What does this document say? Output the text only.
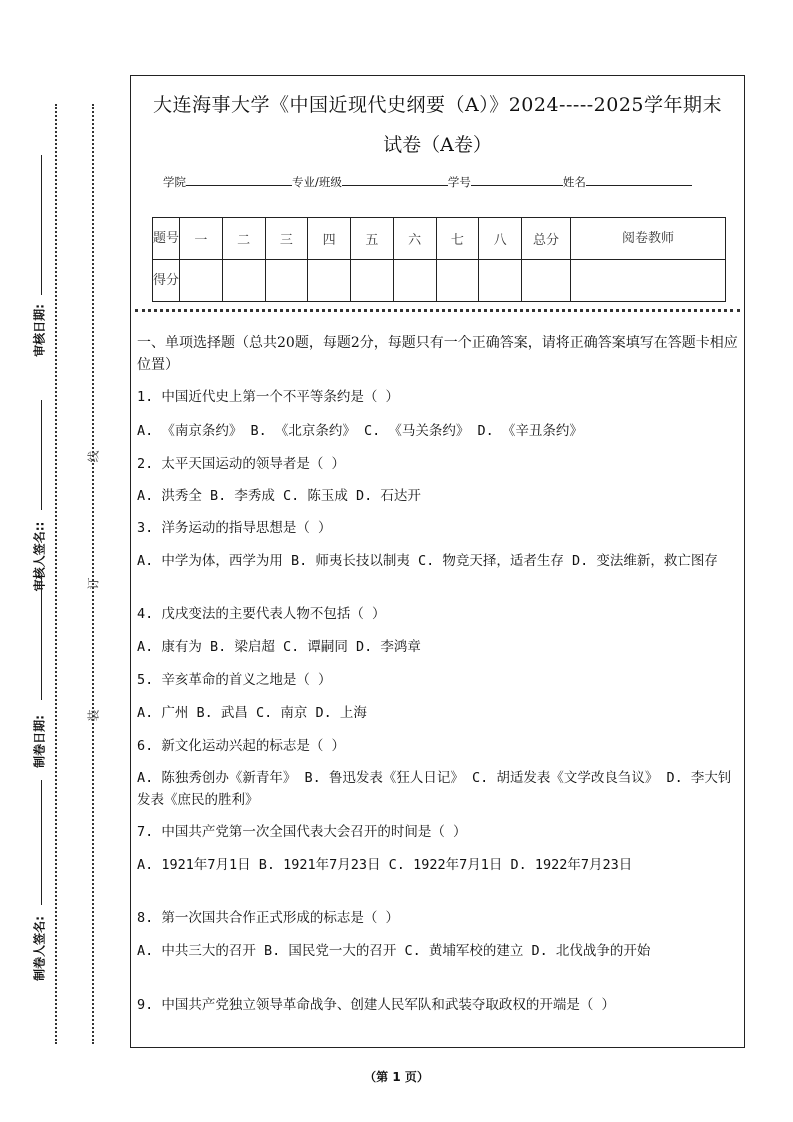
审核日期:
审核人签名::
制卷日期:
制卷人签名:
线
订
装
大连海事大学《中国近现代史纲要（A）》2024-----2025学年期末
试卷（A卷）
学院	专业/班级	学号	姓名
题号	一	二	三	四	五	六	七	八	总分	阅卷教师
得分										
一、单项选择题（总共20题，每题2分，每题只有一个正确答案，请将正确答案填写在答题卡相应位置）
1. 中国近代史上第一个不平等条约是（ ）
A. 《南京条约》 B. 《北京条约》 C. 《马关条约》 D. 《辛丑条约》
2. 太平天国运动的领导者是（ ）
A. 洪秀全 B. 李秀成 C. 陈玉成 D. 石达开
3. 洋务运动的指导思想是（ ）
A. 中学为体，西学为用 B. 师夷长技以制夷 C. 物竞天择，适者生存 D. 变法维新，救亡图存
4. 戊戌变法的主要代表人物不包括（ ）
A. 康有为 B. 梁启超 C. 谭嗣同 D. 李鸿章
5. 辛亥革命的首义之地是（ ）
A. 广州 B. 武昌 C. 南京 D. 上海
6. 新文化运动兴起的标志是（ ）
A. 陈独秀创办《新青年》 B. 鲁迅发表《狂人日记》 C. 胡适发表《文学改良刍议》 D. 李大钊发表《庶民的胜利》
7. 中国共产党第一次全国代表大会召开的时间是（ ）
A. 1921年7月1日 B. 1921年7月23日 C. 1922年7月1日 D. 1922年7月23日
8. 第一次国共合作正式形成的标志是（ ）
A. 中共三大的召开 B. 国民党一大的召开 C. 黄埔军校的建立 D. 北伐战争的开始
9. 中国共产党独立领导革命战争、创建人民军队和武装夺取政权的开端是（ ）
（第 1 页）
